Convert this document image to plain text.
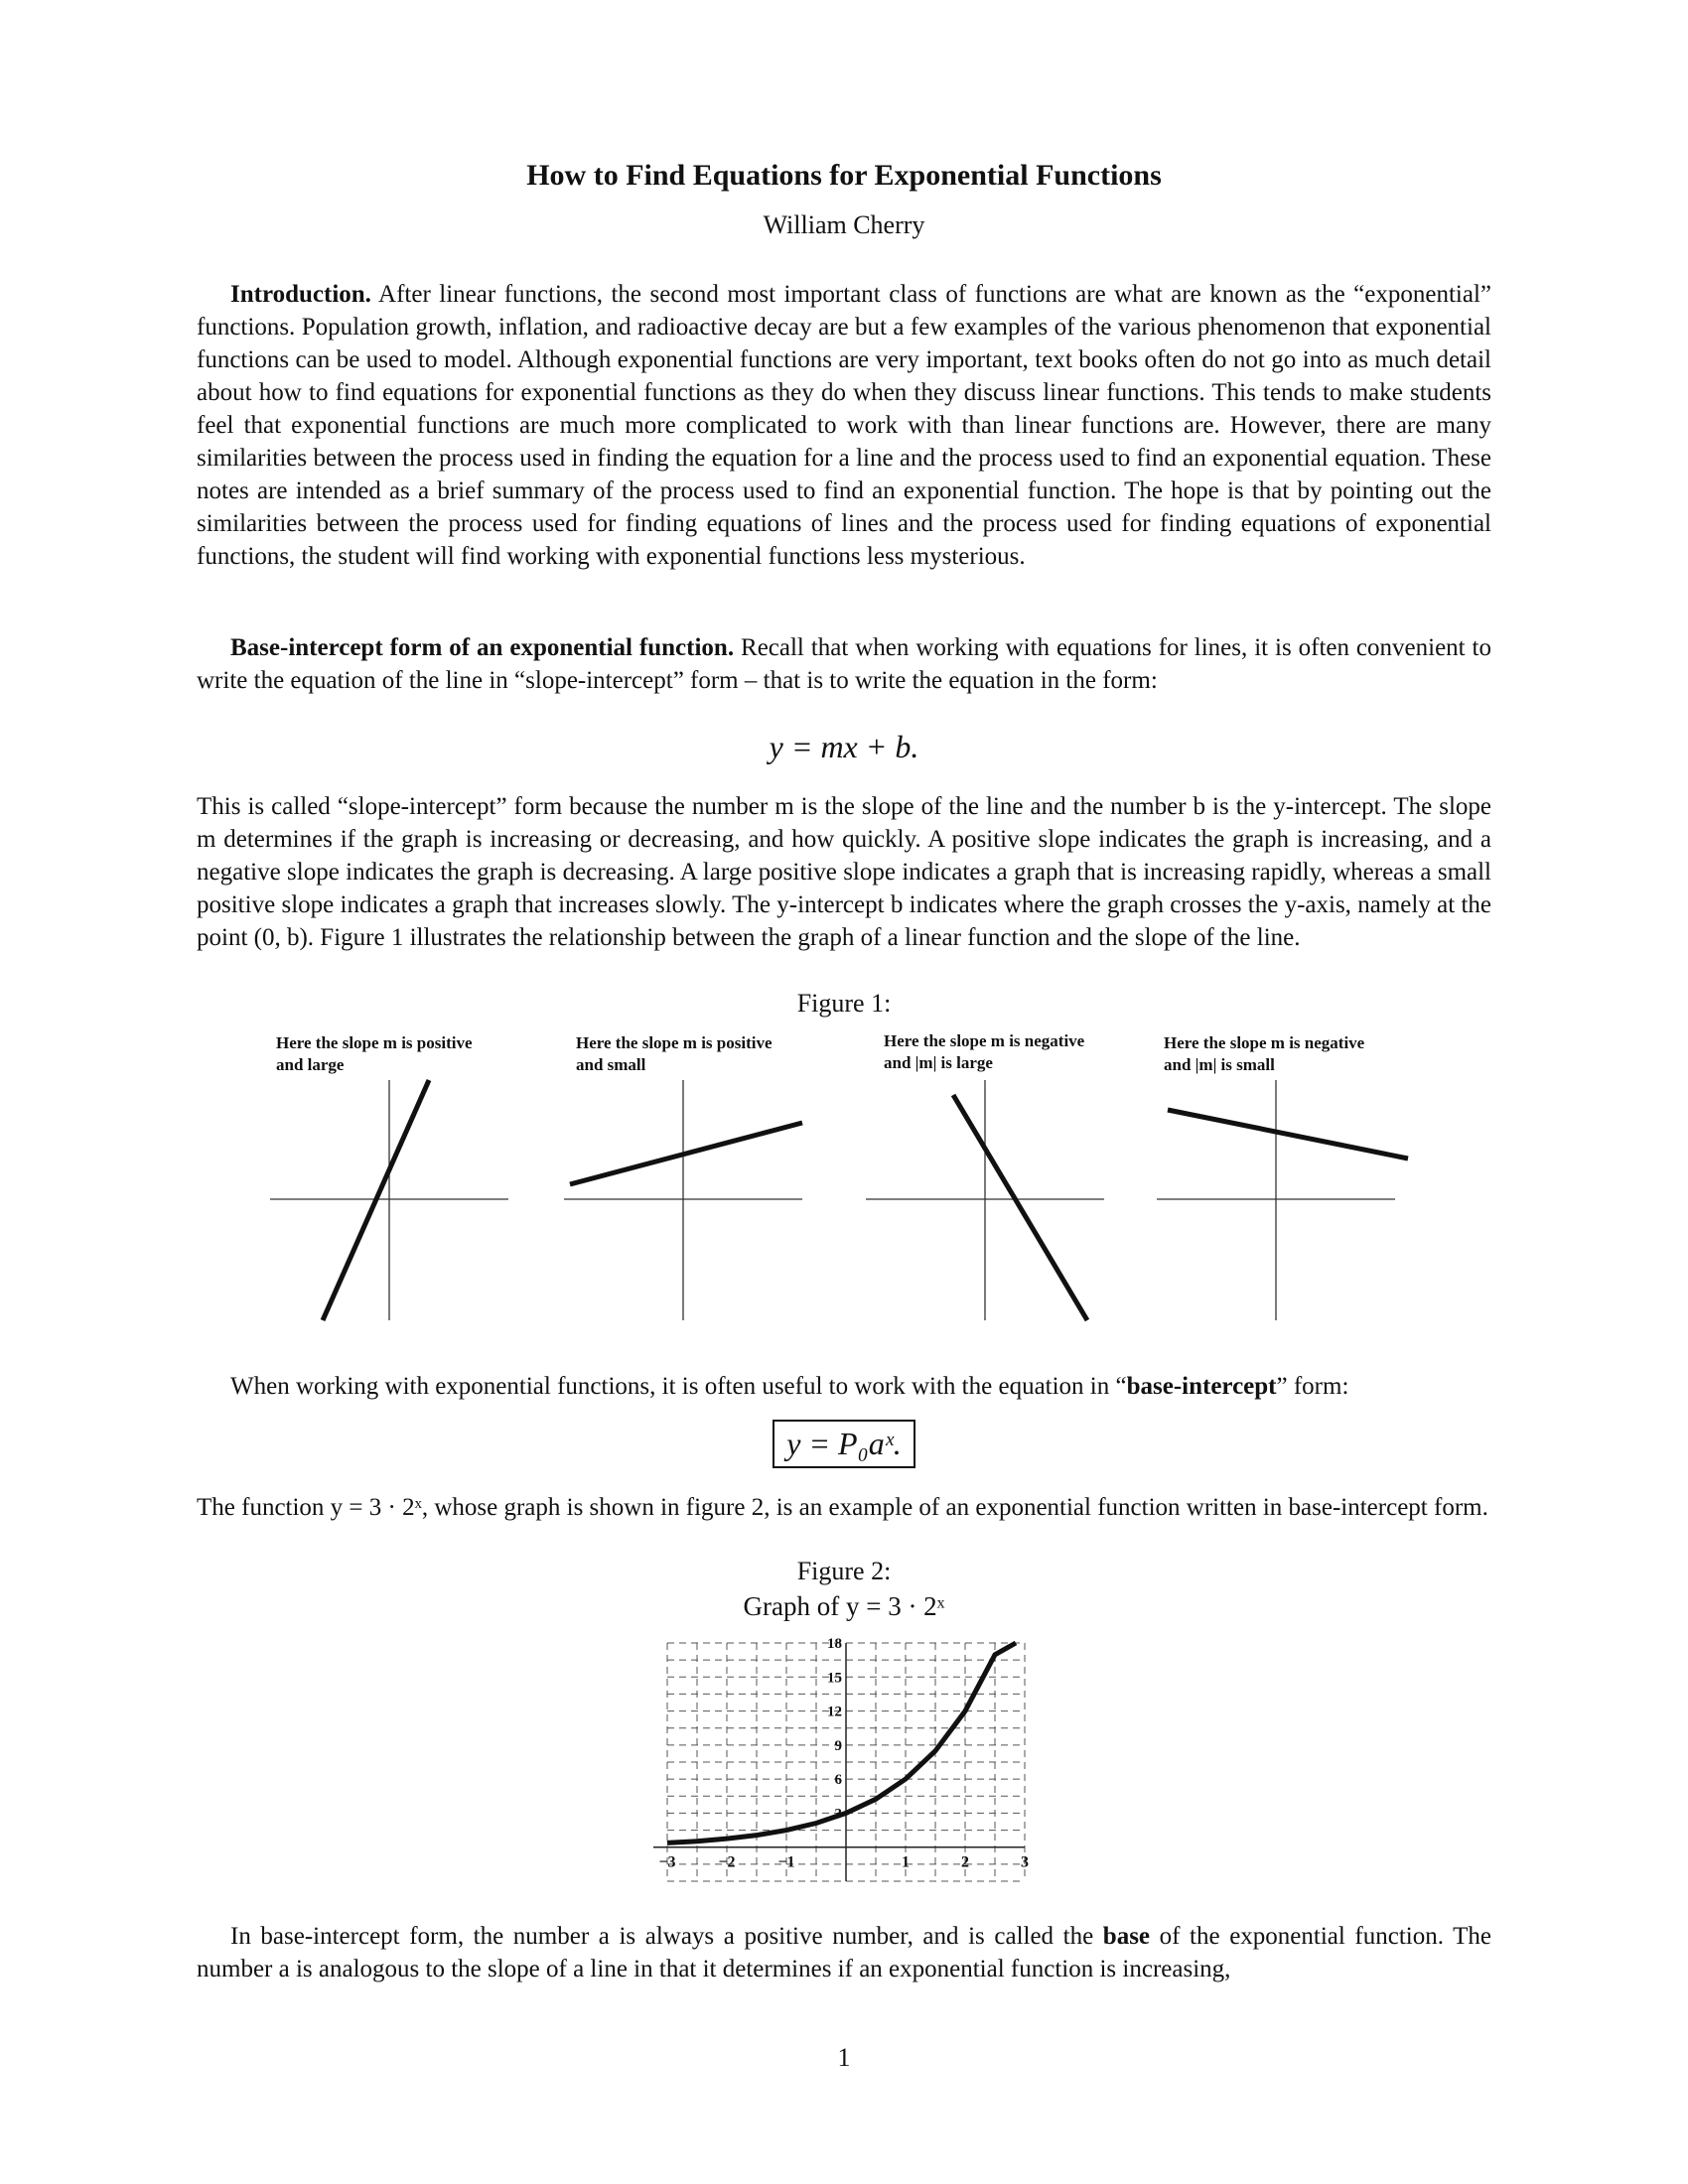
How to Find Equations for Exponential Functions
William Cherry

Introduction. After linear functions, the second most important class of functions are what are known as the “exponential” functions. Population growth, inflation, and radioactive decay are but a few examples of the various phenomenon that exponential functions can be used to model. Although exponential functions are very important, text books often do not go into as much detail about how to find equations for exponential functions as they do when they discuss linear functions. This tends to make students feel that exponential functions are much more complicated to work with than linear functions are. However, there are many similarities between the process used in finding the equation for a line and the process used to find an exponential equation. These notes are intended as a brief summary of the process used to find an exponential function. The hope is that by pointing out the similarities between the process used for finding equations of lines and the process used for finding equations of exponential functions, the student will find working with exponential functions less mysterious.

Base-intercept form of an exponential function. Recall that when working with equations for lines, it is often convenient to write the equation of the line in “slope-intercept” form – that is to write the equation in the form:

y = mx + b.

This is called “slope-intercept” form because the number m is the slope of the line and the number b is the y-intercept. The slope m determines if the graph is increasing or decreasing, and how quickly. A positive slope indicates the graph is increasing, and a negative slope indicates the graph is decreasing. A large positive slope indicates a graph that is increasing rapidly, whereas a small positive slope indicates a graph that increases slowly. The y-intercept b indicates where the graph crosses the y-axis, namely at the point (0, b). Figure 1 illustrates the relationship between the graph of a linear function and the slope of the line.

Figure 1:
Here the slope m is positive
and large
Here the slope m is positive
and small
Here the slope m is negative
and |m| is large
Here the slope m is negative
and |m| is small

When working with exponential functions, it is often useful to work with the equation in “base-intercept” form:

y = P₀aˣ.

The function y = 3 · 2ˣ, whose graph is shown in figure 2, is an example of an exponential function written in base-intercept form.

Figure 2:
Graph of y = 3 · 2ˣ
−3	−2	−1	1	2	3
3
6
9
12
15
18

In base-intercept form, the number a is always a positive number, and is called the base of the exponential function. The number a is analogous to the slope of a line in that it determines if an exponential function is increasing,

1
